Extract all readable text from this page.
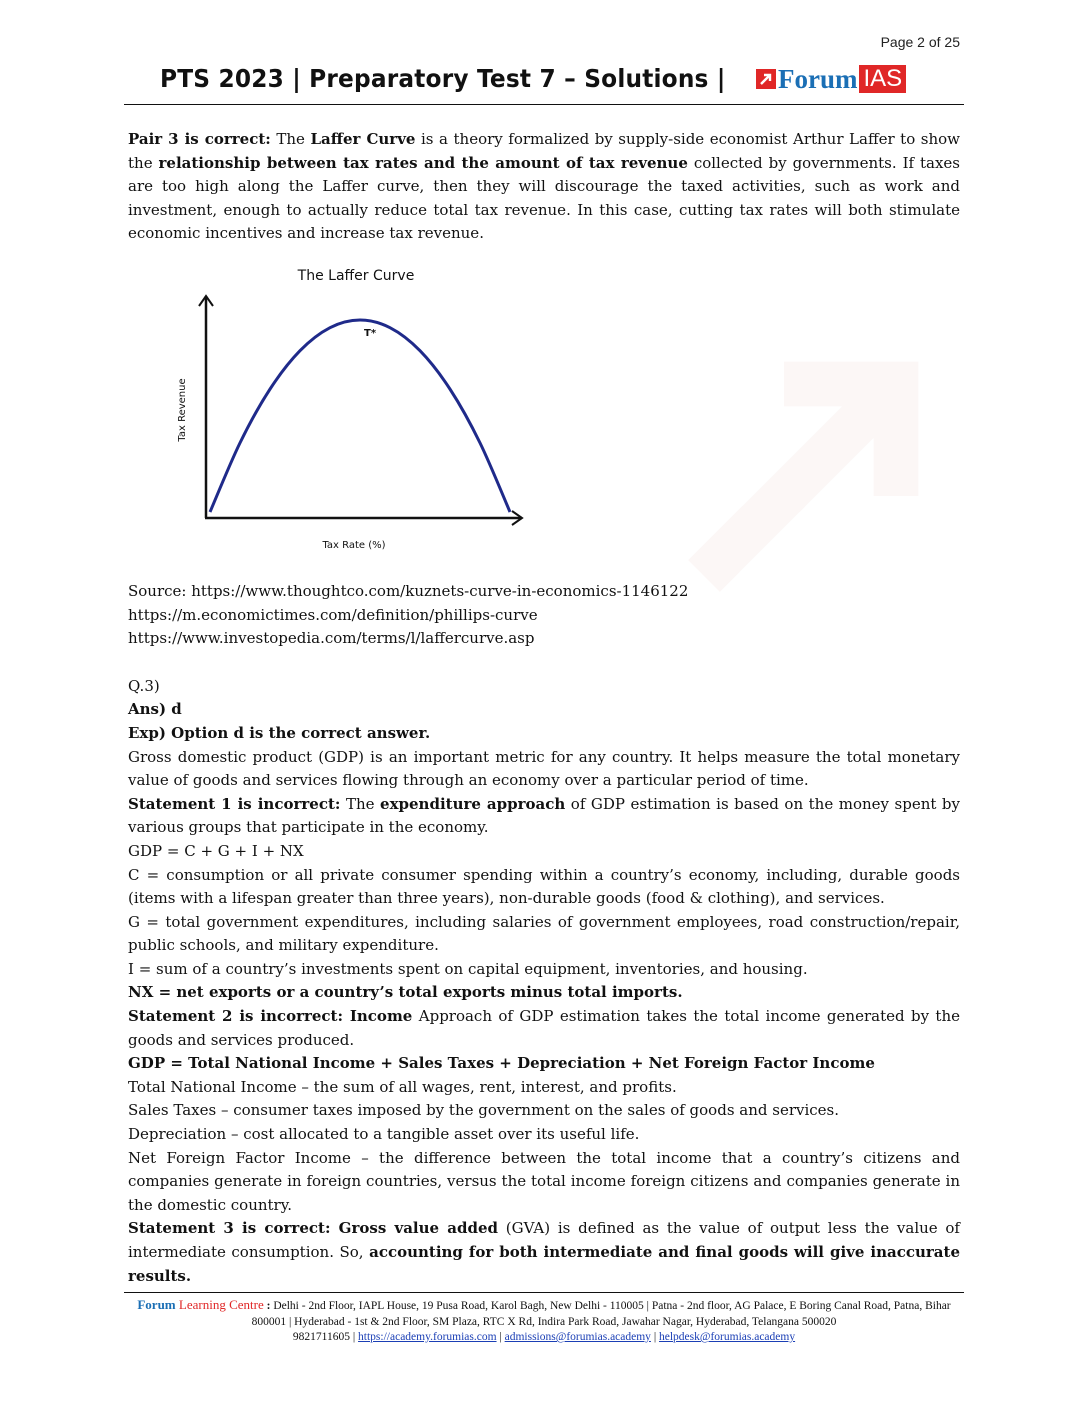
Page 2 of 25
PTS 2023 | Preparatory Test 7 – Solutions | Forum IAS

Pair 3 is correct: The Laffer Curve is a theory formalized by supply-side economist Arthur Laffer to show the relationship between tax rates and the amount of tax revenue collected by governments. If taxes are too high along the Laffer curve, then they will discourage the taxed activities, such as work and investment, enough to actually reduce total tax revenue. In this case, cutting tax rates will both stimulate economic incentives and increase tax revenue.

The Laffer Curve
T*
Tax Rate (%)
Tax Revenue

Source: https://www.thoughtco.com/kuznets-curve-in-economics-1146122

https://m.economictimes.com/definition/phillips-curve

https://www.investopedia.com/terms/l/laffercurve.asp

Q.3)

Ans) d

Exp) Option d is the correct answer.

Gross domestic product (GDP) is an important metric for any country. It helps measure the total monetary value of goods and services flowing through an economy over a particular period of time.

Statement 1 is incorrect: The expenditure approach of GDP estimation is based on the money spent by various groups that participate in the economy.

GDP = C + G + I + NX

C = consumption or all private consumer spending within a country’s economy, including, durable goods (items with a lifespan greater than three years), non-durable goods (food & clothing), and services.

G = total government expenditures, including salaries of government employees, road construction/repair, public schools, and military expenditure.

I = sum of a country’s investments spent on capital equipment, inventories, and housing.

NX = net exports or a country’s total exports minus total imports.

Statement 2 is incorrect: Income Approach of GDP estimation takes the total income generated by the goods and services produced.

GDP = Total National Income + Sales Taxes + Depreciation + Net Foreign Factor Income

Total National Income – the sum of all wages, rent, interest, and profits.

Sales Taxes – consumer taxes imposed by the government on the sales of goods and services.

Depreciation – cost allocated to a tangible asset over its useful life.

Net Foreign Factor Income – the difference between the total income that a country’s citizens and companies generate in foreign countries, versus the total income foreign citizens and companies generate in the domestic country.

Statement 3 is correct: Gross value added (GVA) is defined as the value of output less the value of intermediate consumption. So, accounting for both intermediate and final goods will give inaccurate results.

Forum Learning Centre : Delhi - 2nd Floor, IAPL House, 19 Pusa Road, Karol Bagh, New Delhi - 110005 | Patna - 2nd floor, AG Palace, E Boring Canal Road, Patna, Bihar 800001 | Hyderabad - 1st & 2nd Floor, SM Plaza, RTC X Rd, Indira Park Road, Jawahar Nagar, Hyderabad, Telangana 500020
9821711605 | https://academy.forumias.com | admissions@forumias.academy | helpdesk@forumias.academy
